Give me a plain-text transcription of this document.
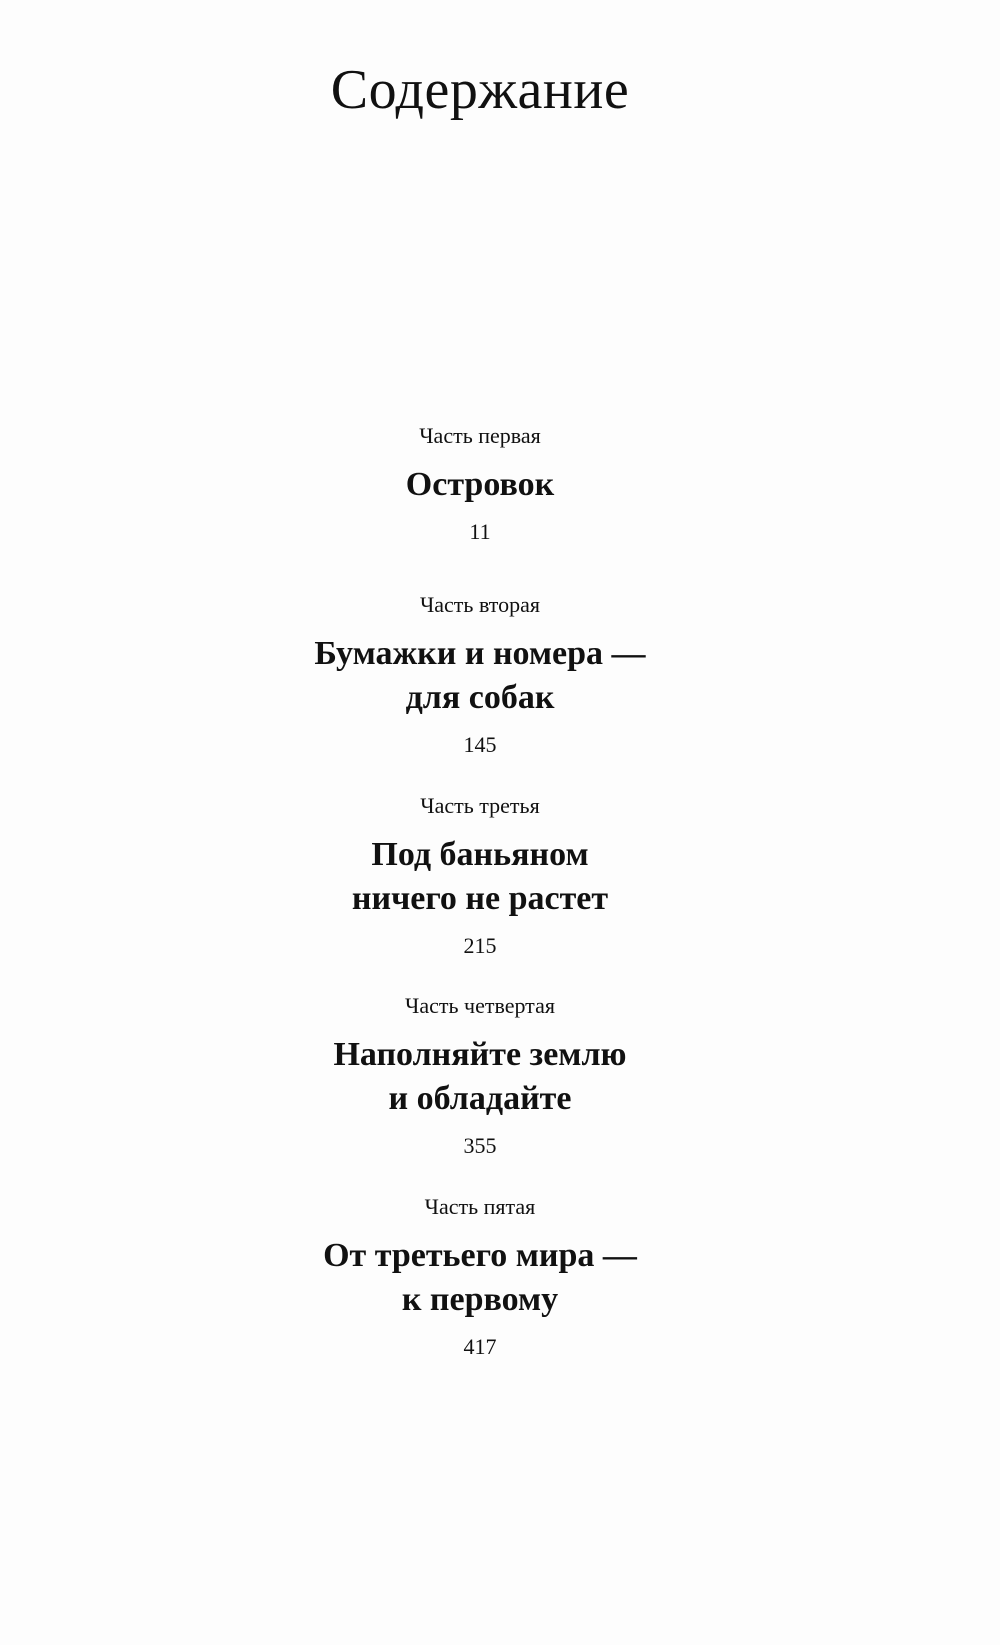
Содержание
Часть первая
Островок
11
Часть вторая
Бумажки и номера —
для собак
145
Часть третья
Под баньяном
ничего не растет
215
Часть четвертая
Наполняйте землю
и обладайте
355
Часть пятая
От третьего мира —
к первому
417
